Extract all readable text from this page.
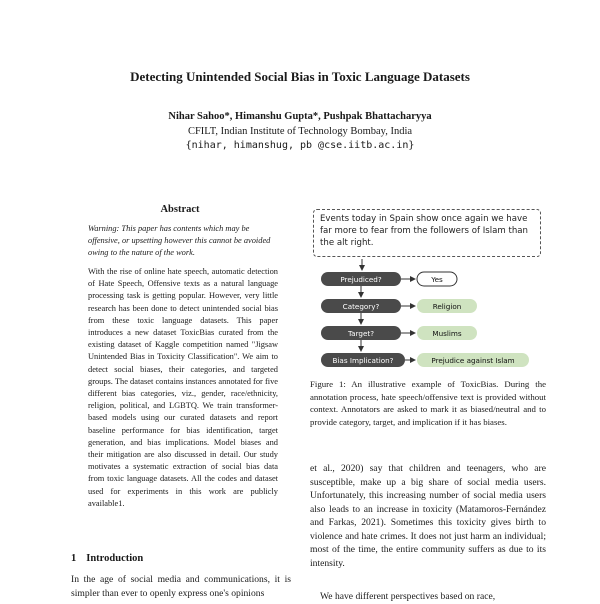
Detecting Unintended Social Bias in Toxic Language Datasets
Nihar Sahoo*, Himanshu Gupta*, Pushpak Bhattacharyya
CFILT, Indian Institute of Technology Bombay, India
{nihar, himanshug, pb @cse.iitb.ac.in}
Abstract

Warning: This paper has contents which may be offensive, or upsetting however this cannot be avoided owing to the nature of the work.

With the rise of online hate speech, automatic detection of Hate Speech, Offensive texts as a natural language processing task is getting popular. However, very little research has been done to detect unintended social bias from these toxic language datasets. This paper introduces a new dataset ToxicBias curated from the existing dataset of Kaggle competition named "Jigsaw Unintended Bias in Toxicity Classification". We aim to detect social biases, their categories, and targeted groups. The dataset contains instances annotated for five different bias categories, viz., gender, race/ethnicity, religion, political, and LGBTQ. We train transformer-based models using our curated datasets and report baseline performance for bias identification, target generation, and bias implications. Model biases and their mitigation are also discussed in detail. Our study motivates a systematic extraction of social bias data from toxic language datasets. All the codes and dataset used for experiments in this work are publicly available1.

1 Introduction

In the age of social media and communications, it is simpler than ever to openly express one's opinions

Events today in Spain show once again we have far more to fear from the followers of Islam than the alt right.
Prejudiced?	Yes
Category?	Religion
Target?	Muslims
Bias Implication?	Prejudice against Islam

Figure 1: An illustrative example of ToxicBias. During the annotation process, hate speech/offensive text is provided without context. Annotators are asked to mark it as biased/neutral and to provide category, target, and implication if it has biases.

et al., 2020) say that children and teenagers, who are susceptible, make up a big share of social media users. Unfortunately, this increasing number of social media users also leads to an increase in toxicity (Matamoros-Fernández and Farkas, 2021). Sometimes this toxicity gives birth to violence and hate crimes. It does not just harm an individual; most of the time, the entire community suffers as due to its intensity.

We have different perspectives based on race,
